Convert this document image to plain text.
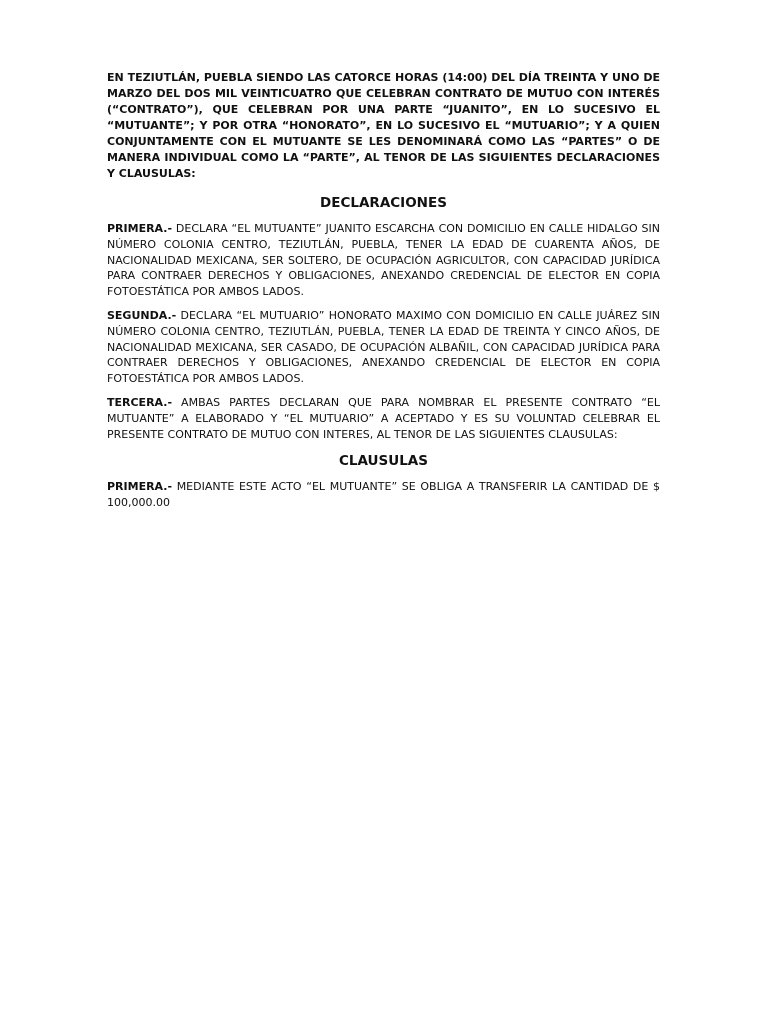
EN TEZIUTLÁN, PUEBLA SIENDO LAS CATORCE HORAS (14:00) DEL DÍA TREINTA Y UNO DE MARZO DEL DOS MIL VEINTICUATRO QUE CELEBRAN CONTRATO DE MUTUO CON INTERÉS (“CONTRATO”), QUE CELEBRAN POR UNA PARTE “JUANITO”, EN LO SUCESIVO EL “MUTUANTE”; Y POR OTRA “HONORATO”, EN LO SUCESIVO EL “MUTUARIO”; Y A QUIEN CONJUNTAMENTE CON EL MUTUANTE SE LES DENOMINARÁ COMO LAS “PARTES” O DE MANERA INDIVIDUAL COMO LA “PARTE”, AL TENOR DE LAS SIGUIENTES DECLARACIONES Y CLAUSULAS:

DECLARACIONES

PRIMERA.- DECLARA “EL MUTUANTE” JUANITO ESCARCHA CON DOMICILIO EN CALLE HIDALGO SIN NÚMERO COLONIA CENTRO, TEZIUTLÁN, PUEBLA, TENER LA EDAD DE CUARENTA AÑOS, DE NACIONALIDAD MEXICANA, SER SOLTERO, DE OCUPACIÓN AGRICULTOR, CON CAPACIDAD JURÍDICA PARA CONTRAER DERECHOS Y OBLIGACIONES, ANEXANDO CREDENCIAL DE ELECTOR EN COPIA FOTOESTÁTICA POR AMBOS LADOS.

SEGUNDA.- DECLARA “EL MUTUARIO” HONORATO MAXIMO CON DOMICILIO EN CALLE JUÁREZ SIN NÚMERO COLONIA CENTRO, TEZIUTLÁN, PUEBLA, TENER LA EDAD DE TREINTA Y CINCO AÑOS, DE NACIONALIDAD MEXICANA, SER CASADO, DE OCUPACIÓN ALBAÑIL, CON CAPACIDAD JURÍDICA PARA CONTRAER DERECHOS Y OBLIGACIONES, ANEXANDO CREDENCIAL DE ELECTOR EN COPIA FOTOESTÁTICA POR AMBOS LADOS.

TERCERA.- AMBAS PARTES DECLARAN QUE PARA NOMBRAR EL PRESENTE CONTRATO “EL MUTUANTE” A ELABORADO Y “EL MUTUARIO” A ACEPTADO Y ES SU VOLUNTAD CELEBRAR EL PRESENTE CONTRATO DE MUTUO CON INTERES, AL TENOR DE LAS SIGUIENTES CLAUSULAS:

CLAUSULAS

PRIMERA.- MEDIANTE ESTE ACTO “EL MUTUANTE” SE OBLIGA A TRANSFERIR LA CANTIDAD DE $ 100,000.00
